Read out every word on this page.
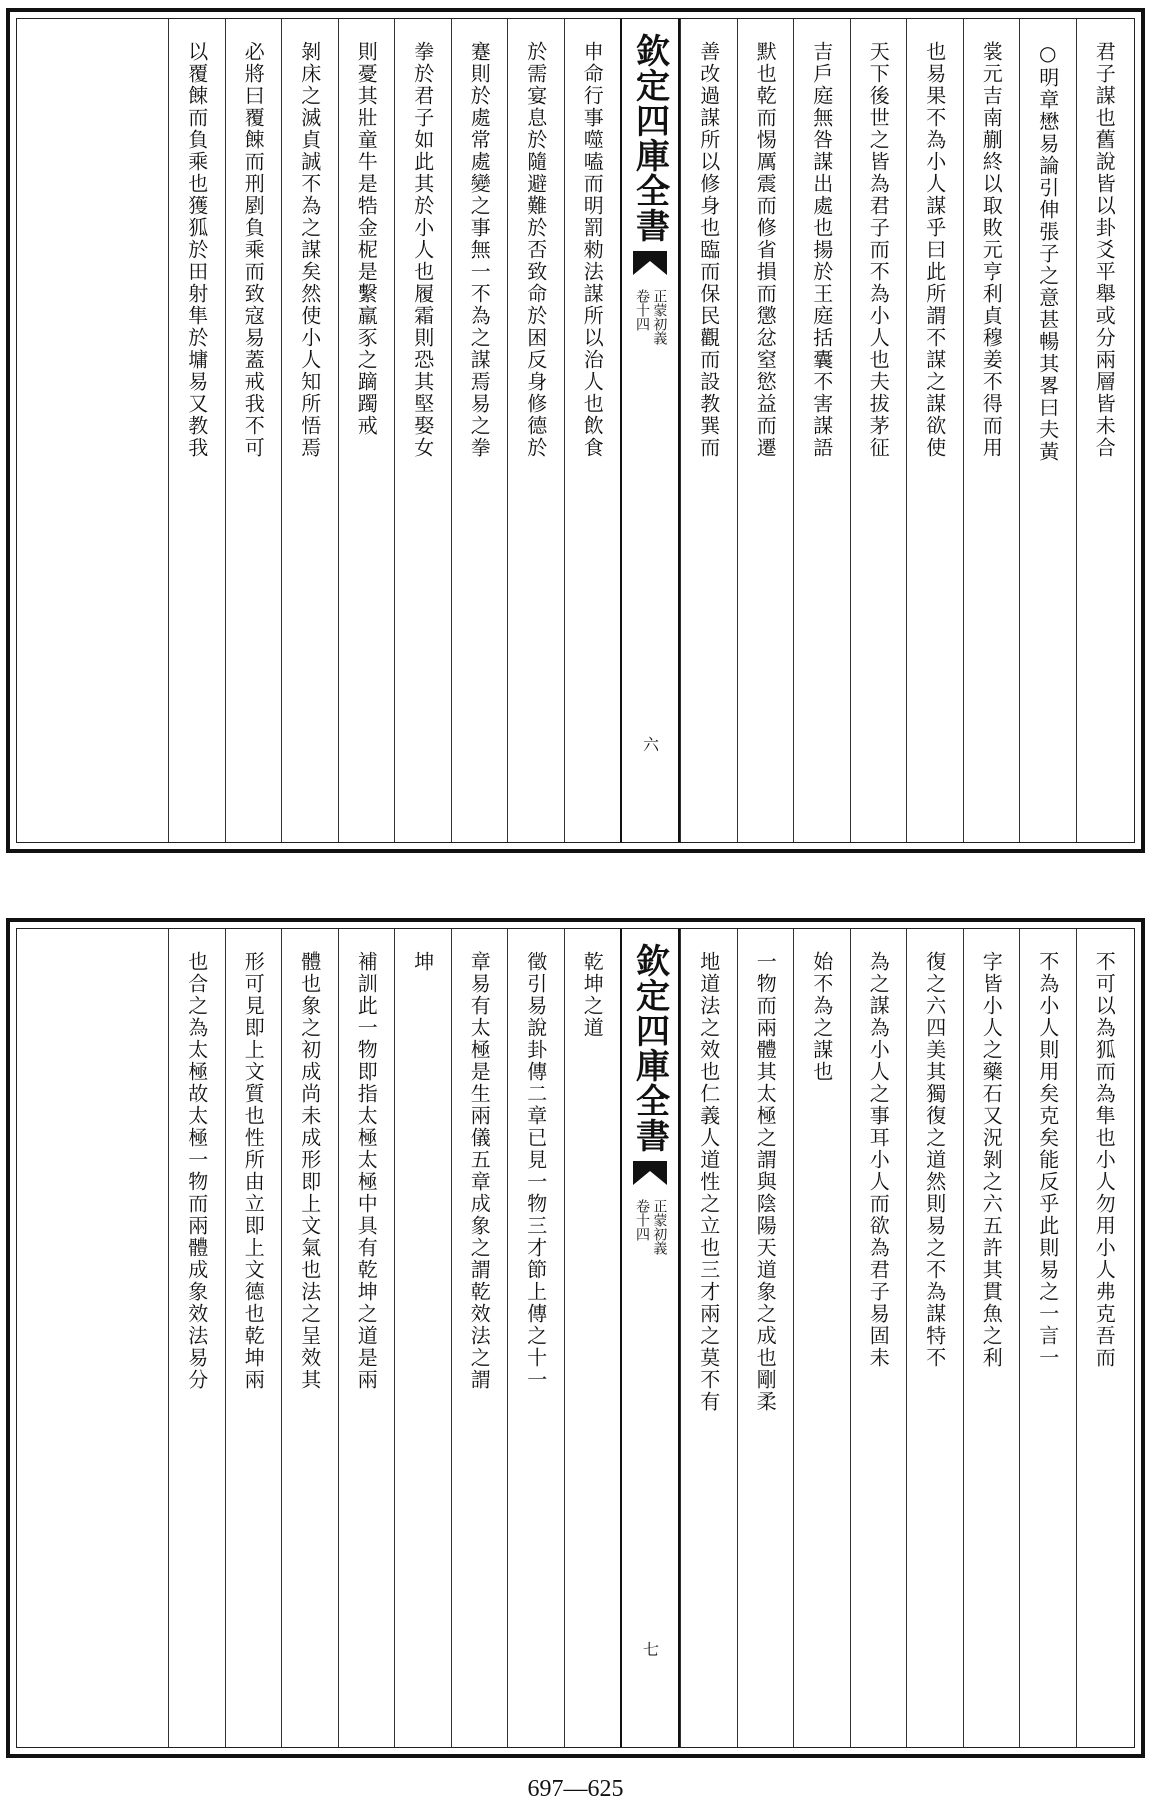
君子謀也舊說皆以卦爻平舉或分兩層皆未合
○明章懋易論引伸張子之意甚暢其畧曰夫黃
裳元吉南蒯終以取敗元亨利貞穆姜不得而用
也易果不為小人謀乎曰此所謂不謀之謀欲使
天下後世之皆為君子而不為小人也夫拔茅征
吉戶庭無咎謀出處也揚於王庭括囊不害謀語
默也乾而惕厲震而修省損而懲忿窒慾益而遷
善改過謀所以修身也臨而保民觀而設教巽而
欽定四庫全書
正蒙初義
卷十四
六
申命行事噬嗑而明罰勑法謀所以治人也飲食
於需宴息於隨避難於否致命於困反身修德於
蹇則於處常處變之事無一不為之謀焉易之拳
拳於君子如此其於小人也履霜則恐其堅娶女
則憂其壯童牛是牿金柅是繫羸豕之蹢躅戒
剝床之滅貞誠不為之謀矣然使小人知所悟焉
必將曰覆餗而刑剭負乘而致寇易蓋戒我不可
以覆餗而負乘也獲狐於田射隼於墉易又教我
不可以為狐而為隼也小人勿用小人弗克吾而
不為小人則用矣克矣能反乎此則易之一言一
字皆小人之藥石又況剝之六五許其貫魚之利
復之六四美其獨復之道然則易之不為謀特不
為之謀為小人之事耳小人而欲為君子易固未
始不為之謀也
一物而兩體其太極之謂與陰陽天道象之成也剛柔
地道法之效也仁義人道性之立也三才兩之莫不有
欽定四庫全書
正蒙初義
卷十四
七
乾坤之道
徵引易說卦傳二章已見一物三才節上傳之十一
章易有太極是生兩儀五章成象之謂乾效法之謂
坤
補訓此一物即指太極太極中具有乾坤之道是兩
體也象之初成尚未成形即上文氣也法之呈效其
形可見即上文質也性所由立即上文德也乾坤兩
也合之為太極故太極一物而兩體成象效法易分
697—625
